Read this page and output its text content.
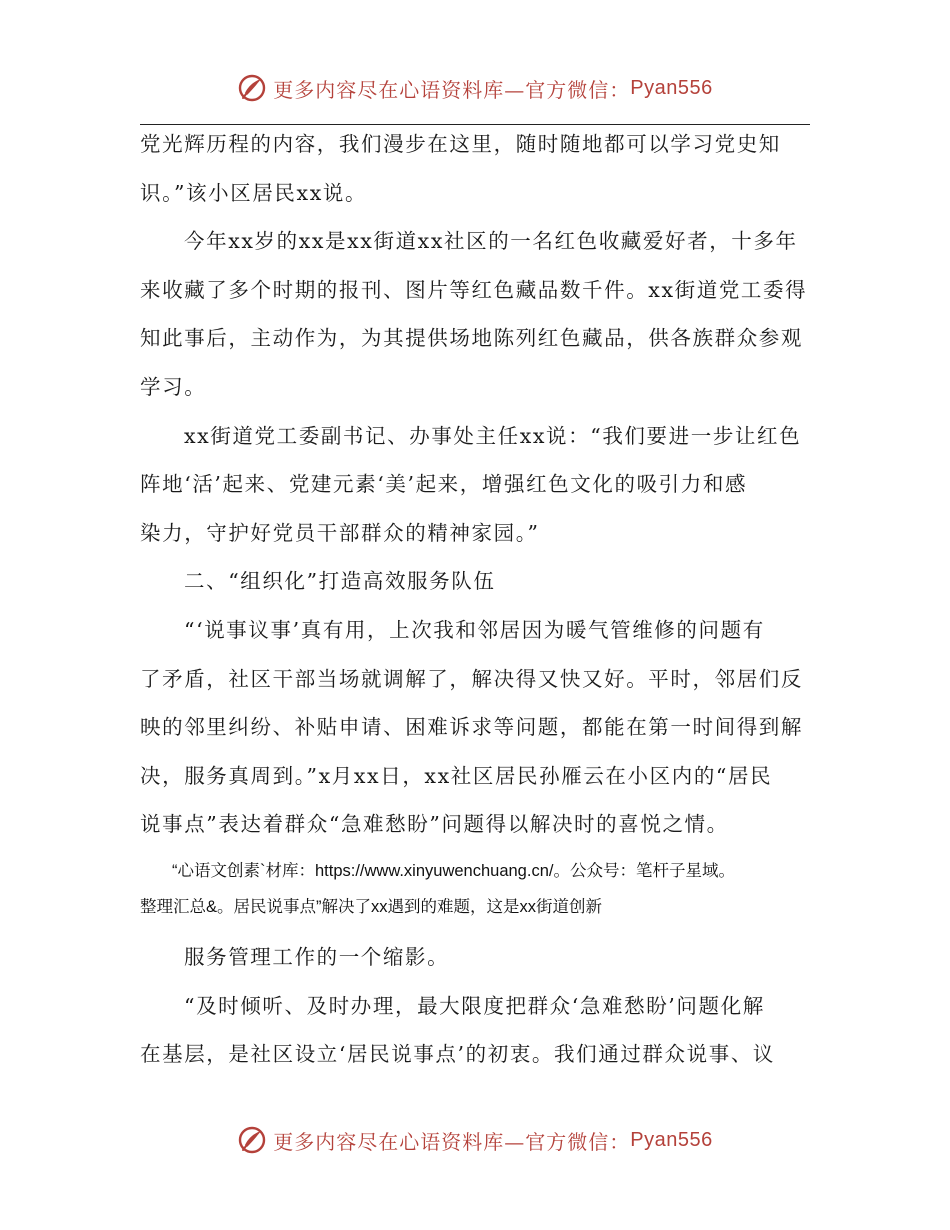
更多内容尽在心语资料库—官方微信： Pyan556

党光辉历程的内容，我们漫步在这里，随时随地都可以学习党史知

识。”该小区居民xx说。

今年xx岁的xx是xx街道xx社区的一名红色收藏爱好者，十多年

来收藏了多个时期的报刊、图片等红色藏品数千件。xx街道党工委得

知此事后，主动作为，为其提供场地陈列红色藏品，供各族群众参观

学习。

xx街道党工委副书记、办事处主任xx说：“我们要进一步让红色

阵地‘活’起来、党建元素‘美’起来，增强红色文化的吸引力和感

染力，守护好党员干部群众的精神家园。”

二、“组织化”打造高效服务队伍

“‘说事议事’真有用，上次我和邻居因为暖气管维修的问题有

了矛盾，社区干部当场就调解了，解决得又快又好。平时，邻居们反

映的邻里纠纷、补贴申请、困难诉求等问题，都能在第一时间得到解

决，服务真周到。”x月xx日，xx社区居民孙雁云在小区内的“居民

说事点”表达着群众“急难愁盼”问题得以解决时的喜悦之情。

“心语文创素`材库：https://www.xinyuwenchuang.cn/。公众号：笔杆子星域。

整理汇总&。居民说事点”解决了xx遇到的难题，这是xx街道创新

服务管理工作的一个缩影。

“及时倾听、及时办理，最大限度把群众‘急难愁盼’问题化解

在基层，是社区设立‘居民说事点’的初衷。我们通过群众说事、议

更多内容尽在心语资料库—官方微信： Pyan556
